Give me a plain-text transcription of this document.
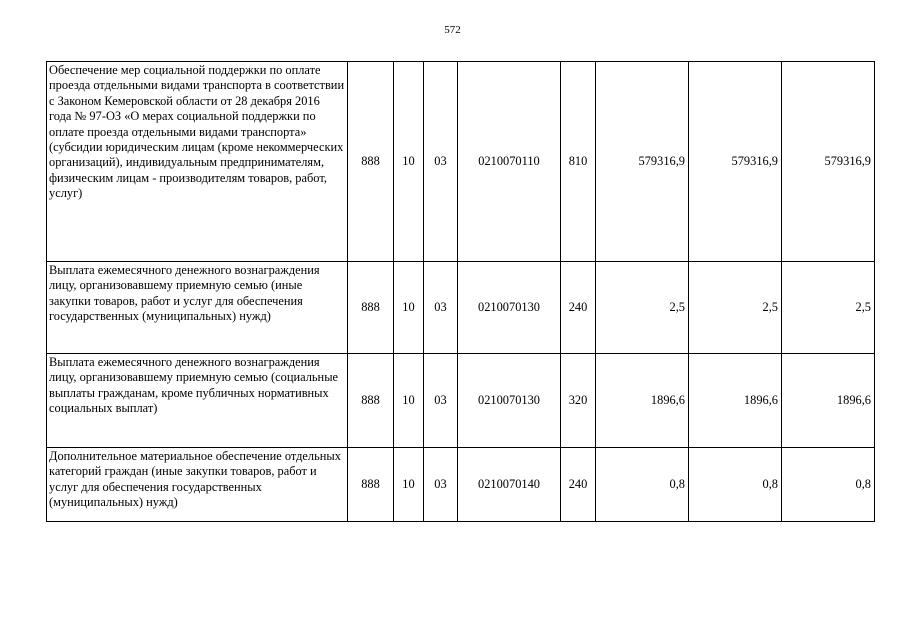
572
Обеспечение мер социальной поддержки по оплате проезда отдельными видами транспорта в соответствии с Законом Кемеровской области от 28 декабря 2016 года № 97-ОЗ «О мерах социальной поддержки по оплате проезда отдельными видами транспорта» (субсидии юридическим лицам (кроме некоммерческих организаций), индивидуальным предпринимателям, физическим лицам - производителям товаров, работ, услуг)	888	10	03	0210070110	810	579316,9	579316,9	579316,9
Выплата ежемесячного денежного вознаграждения лицу, организовавшему приемную семью (иные закупки товаров, работ и услуг для обеспечения государственных (муниципальных) нужд)	888	10	03	0210070130	240	2,5	2,5	2,5
Выплата ежемесячного денежного вознаграждения лицу, организовавшему приемную семью (социальные выплаты гражданам, кроме публичных нормативных социальных выплат)	888	10	03	0210070130	320	1896,6	1896,6	1896,6
Дополнительное материальное обеспечение отдельных категорий граждан (иные закупки товаров, работ и услуг для обеспечения государственных (муниципальных) нужд)	888	10	03	0210070140	240	0,8	0,8	0,8
